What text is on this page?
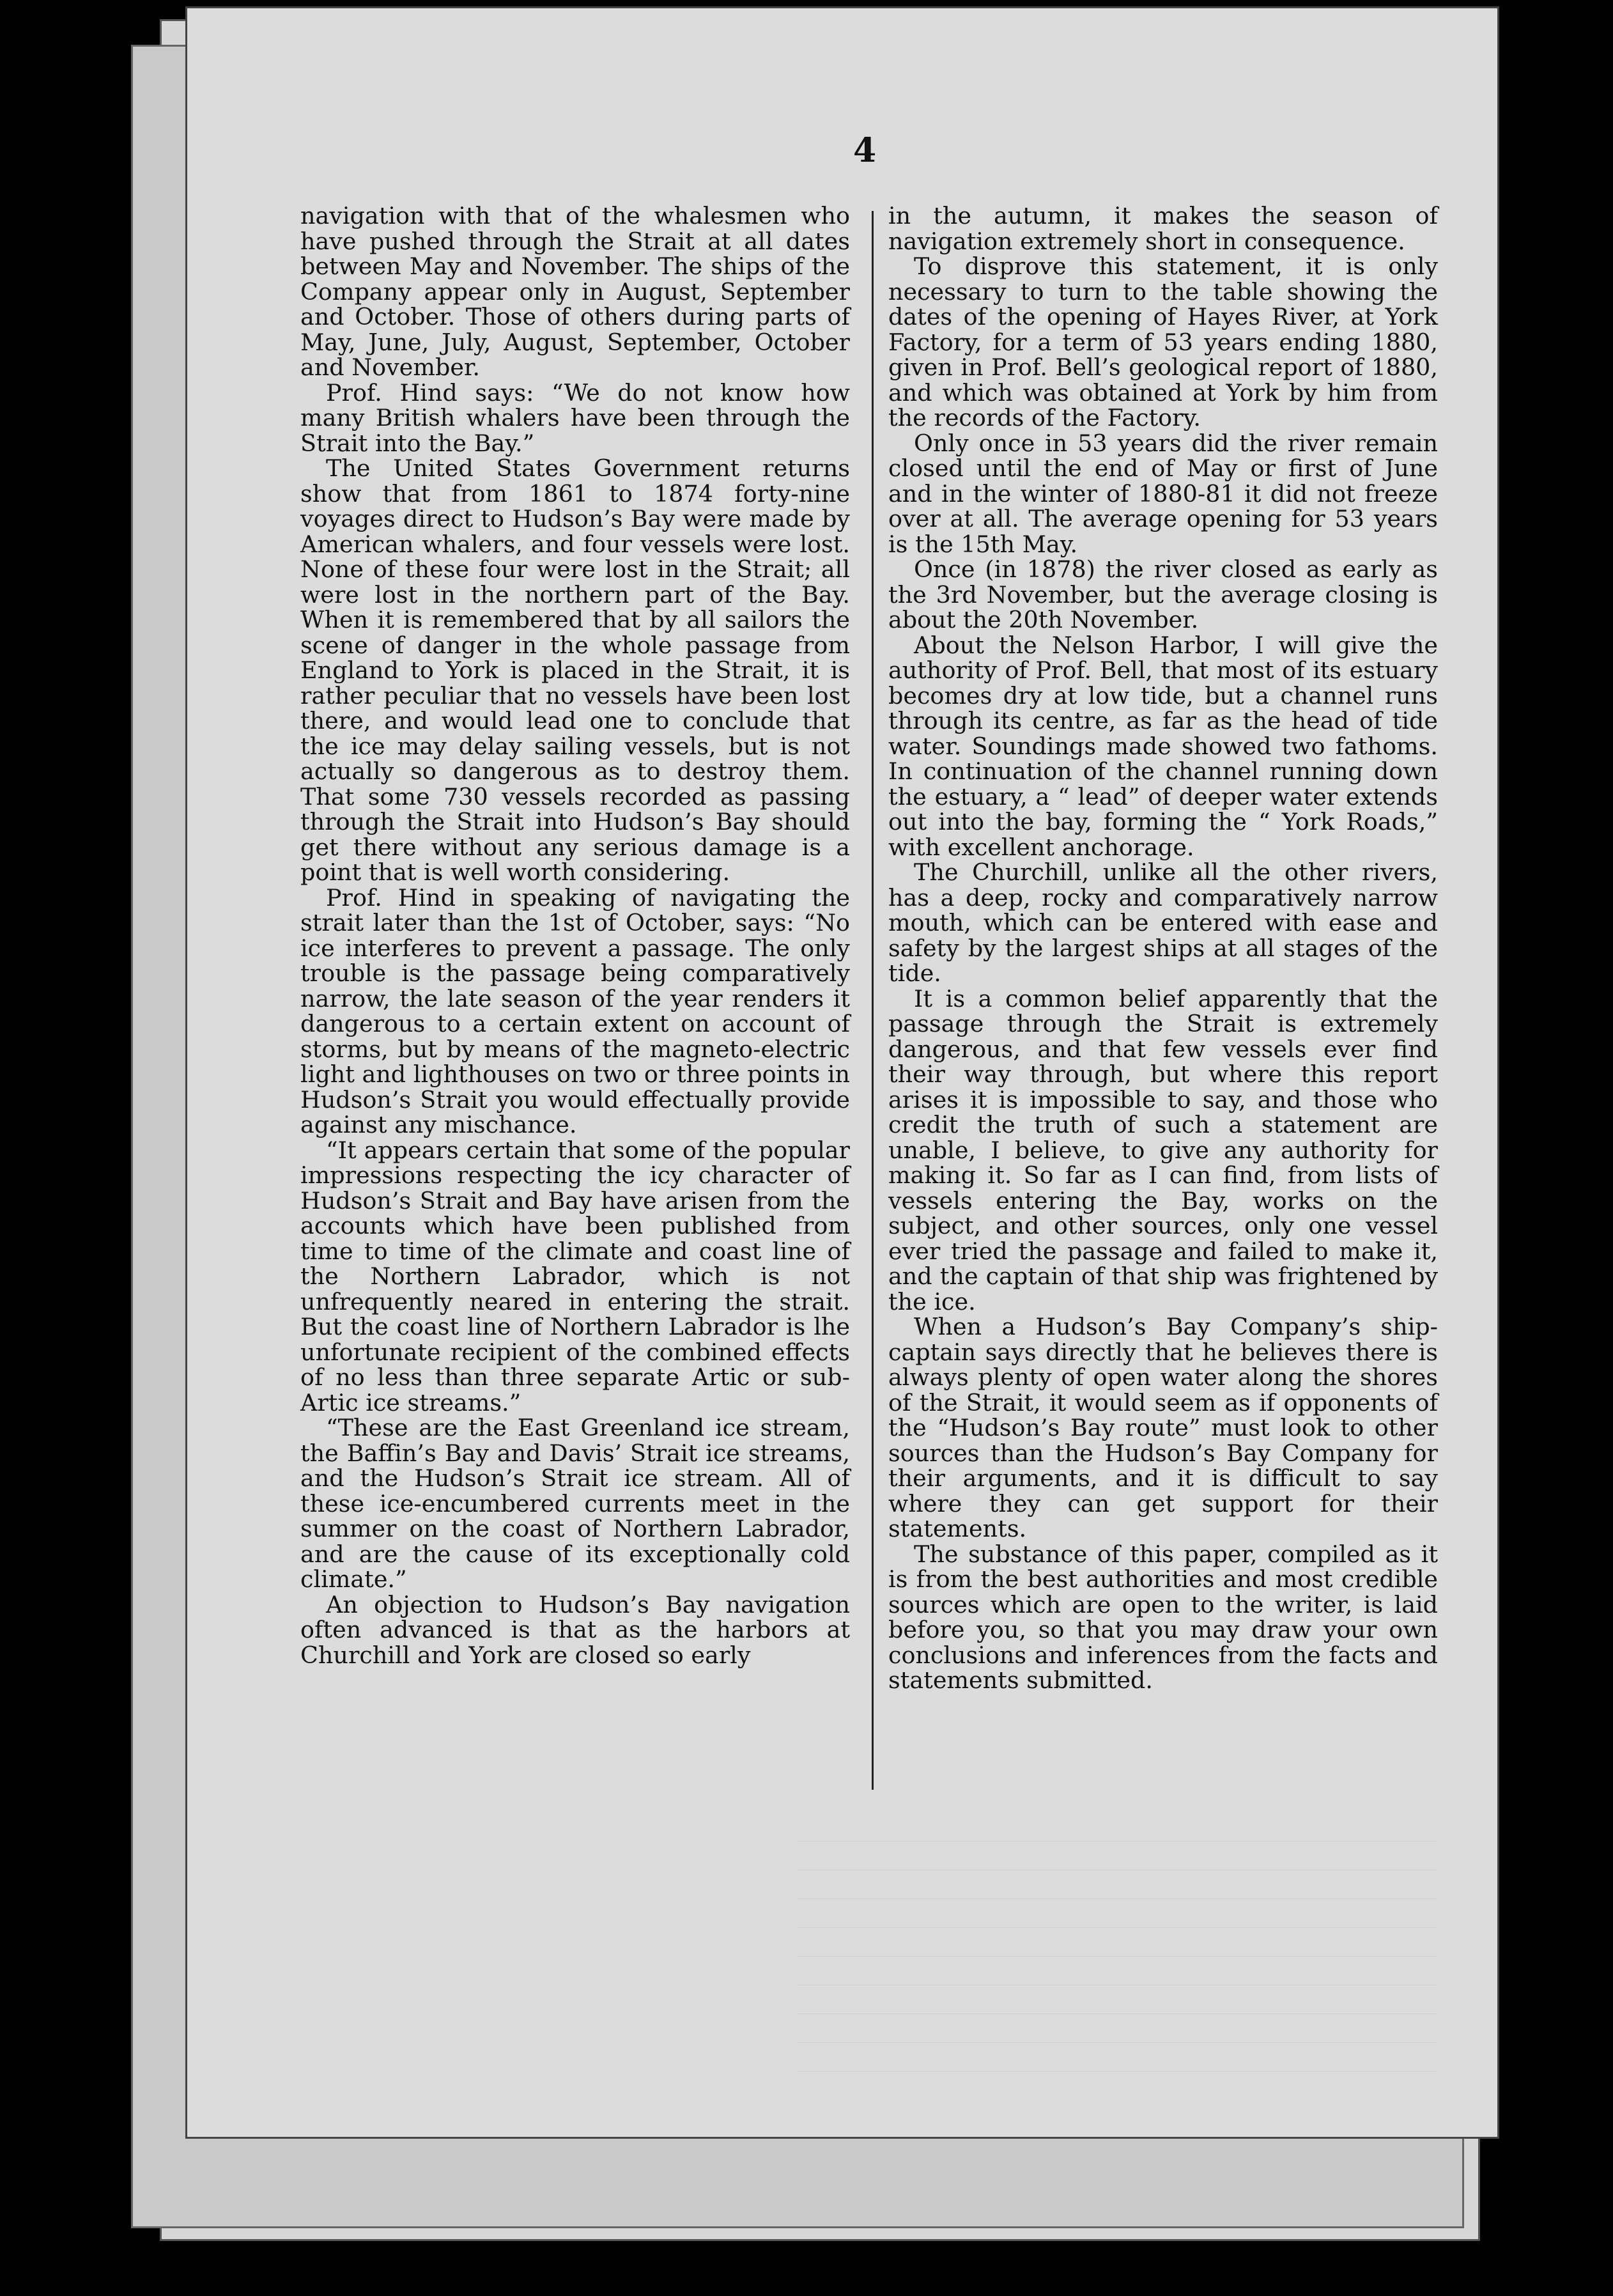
4

navigation with that of the whalesmen who have pushed through the Strait at all dates between May and November. The ships of the Company appear only in August, September and October. Those of others during parts of May, June, July, August, September, October and November.

Prof. Hind says: “We do not know how many British whalers have been through the Strait into the Bay.”

The United States Government returns show that from 1861 to 1874 forty-nine voyages direct to Hudson’s Bay were made by American whalers, and four vessels were lost. None of these four were lost in the Strait; all were lost in the northern part of the Bay. When it is remembered that by all sailors the scene of danger in the whole passage from England to York is placed in the Strait, it is rather peculiar that no vessels have been lost there, and would lead one to conclude that the ice may delay sailing vessels, but is not actually so dangerous as to destroy them. That some 730 vessels recorded as passing through the Strait into Hudson’s Bay should get there without any serious damage is a point that is well worth considering.

Prof. Hind in speaking of navigating the strait later than the 1st of October, says: “No ice interferes to prevent a passage. The only trouble is the passage being comparatively narrow, the late season of the year renders it dangerous to a certain extent on account of storms, but by means of the magneto-electric light and lighthouses on two or three points in Hudson’s Strait you would effectually provide against any mischance.

“It appears certain that some of the popular impressions respecting the icy character of Hudson’s Strait and Bay have arisen from the accounts which have been published from time to time of the climate and coast line of the Northern Labrador, which is not unfrequently neared in entering the strait. But the coast line of Northern Labrador is lhe unfortunate recipient of the combined effects of no less than three separate Artic or sub-Artic ice streams.”

“These are the East Greenland ice stream, the Baffin’s Bay and Davis’ Strait ice streams, and the Hudson’s Strait ice stream. All of these ice-encumbered currents meet in the summer on the coast of Northern Labrador, and are the cause of its exceptionally cold climate.”

An objection to Hudson’s Bay navigation often advanced is that as the harbors at Churchill and York are closed so early

in the autumn, it makes the season of navigation extremely short in consequence.

To disprove this statement, it is only necessary to turn to the table showing the dates of the opening of Hayes River, at York Factory, for a term of 53 years ending 1880, given in Prof. Bell’s geological report of 1880, and which was obtained at York by him from the records of the Factory.

Only once in 53 years did the river remain closed until the end of May or first of June and in the winter of 1880-81 it did not freeze over at all. The average opening for 53 years is the 15th May.

Once (in 1878) the river closed as early as the 3rd November, but the average closing is about the 20th November.

About the Nelson Harbor, I will give the authority of Prof. Bell, that most of its estuary becomes dry at low tide, but a channel runs through its centre, as far as the head of tide water. Soundings made showed two fathoms. In continuation of the channel running down the estuary, a “ lead” of deeper water extends out into the bay, forming the “ York Roads,” with excellent anchorage.

The Churchill, unlike all the other rivers, has a deep, rocky and comparatively narrow mouth, which can be entered with ease and safety by the largest ships at all stages of the tide.

It is a common belief apparently that the passage through the Strait is extremely dangerous, and that few vessels ever find their way through, but where this report arises it is impossible to say, and those who credit the truth of such a statement are unable, I believe, to give any authority for making it. So far as I can find, from lists of vessels entering the Bay, works on the subject, and other sources, only one vessel ever tried the passage and failed to make it, and the captain of that ship was frightened by the ice.

When a Hudson’s Bay Company’s ship-captain says directly that he believes there is always plenty of open water along the shores of the Strait, it would seem as if opponents of the “Hudson’s Bay route” must look to other sources than the Hudson’s Bay Company for their arguments, and it is difficult to say where they can get support for their statements.

The substance of this paper, compiled as it is from the best authorities and most credible sources which are open to the writer, is laid before you, so that you may draw your own conclusions and inferences from the facts and statements submitted.
